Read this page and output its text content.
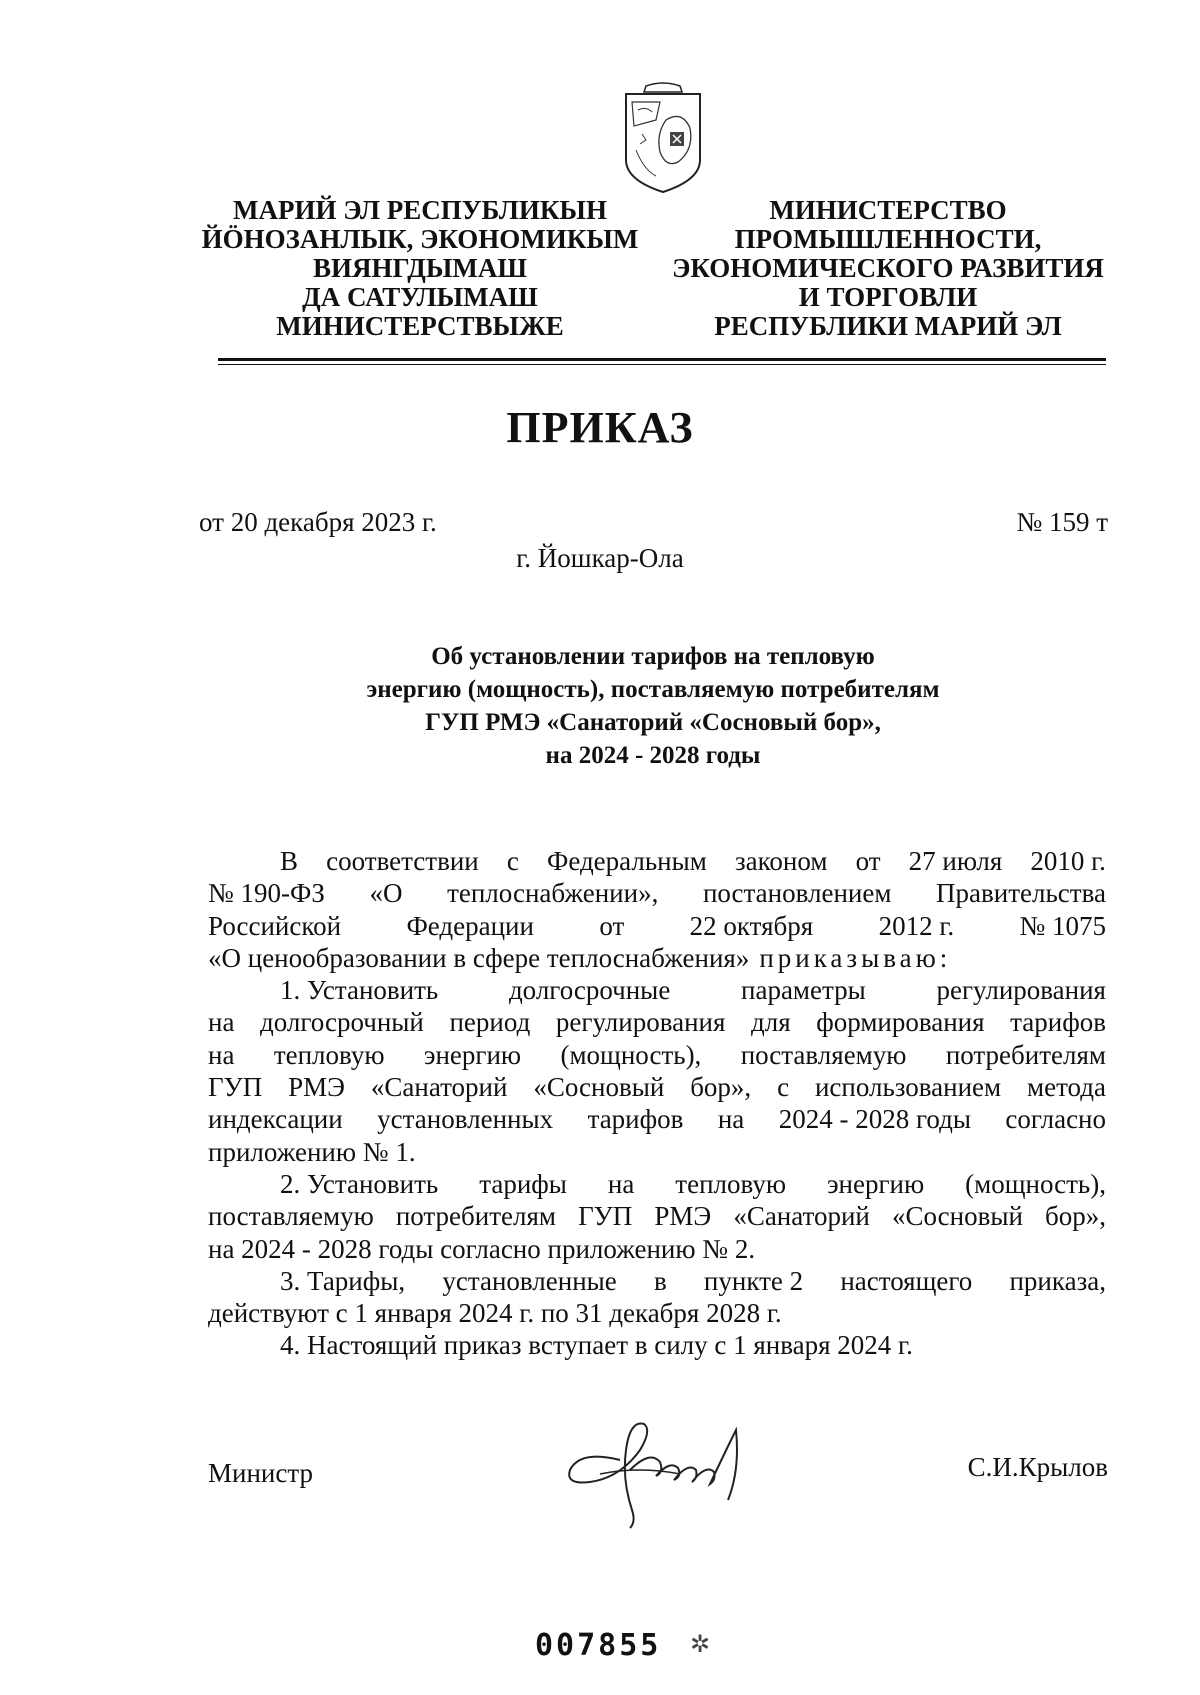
МАРИЙ ЭЛ РЕСПУБЛИКЫН
ЙӦНОЗАНЛЫК, ЭКОНОМИКЫМ
ВИЯНГДЫМАШ
ДА САТУЛЫМАШ
МИНИСТЕРСТВЫЖЕ
МИНИСТЕРСТВО
ПРОМЫШЛЕННОСТИ,
ЭКОНОМИЧЕСКОГО РАЗВИТИЯ
И ТОРГОВЛИ
РЕСПУБЛИКИ МАРИЙ ЭЛ
ПРИКАЗ
от 20 декабря 2023 г.	№ 159 т
г. Йошкар-Ола
Об установлении тарифов на тепловую
энергию (мощность), поставляемую потребителям
ГУП РМЭ «Санаторий «Сосновый бор»,
на 2024 - 2028 годы
В соответствии с Федеральным законом от 27 июля 2010 г.
№ 190-ФЗ «О теплоснабжении», постановлением Правительства
Российской Федерации от 22 октября 2012 г. № 1075
«О ценообразовании в сфере теплоснабжения» приказываю:
1. Установить	долгосрочные	параметры	регулирования
на долгосрочный период регулирования для формирования тарифов
на тепловую энергию (мощность), поставляемую потребителям
ГУП РМЭ «Санаторий «Сосновый бор», с использованием метода
индексации установленных тарифов на 2024 - 2028 годы согласно
приложению № 1.
2. Установить тарифы на тепловую энергию (мощность),
поставляемую потребителям ГУП РМЭ «Санаторий «Сосновый бор»,
на 2024 - 2028 годы согласно приложению № 2.
3. Тарифы, установленные в пункте 2 настоящего приказа,
действуют с 1 января 2024 г. по 31 декабря 2028 г.
4. Настоящий приказ вступает в силу с 1 января 2024 г.
Министр	С.И.Крылов
007855 ✲
